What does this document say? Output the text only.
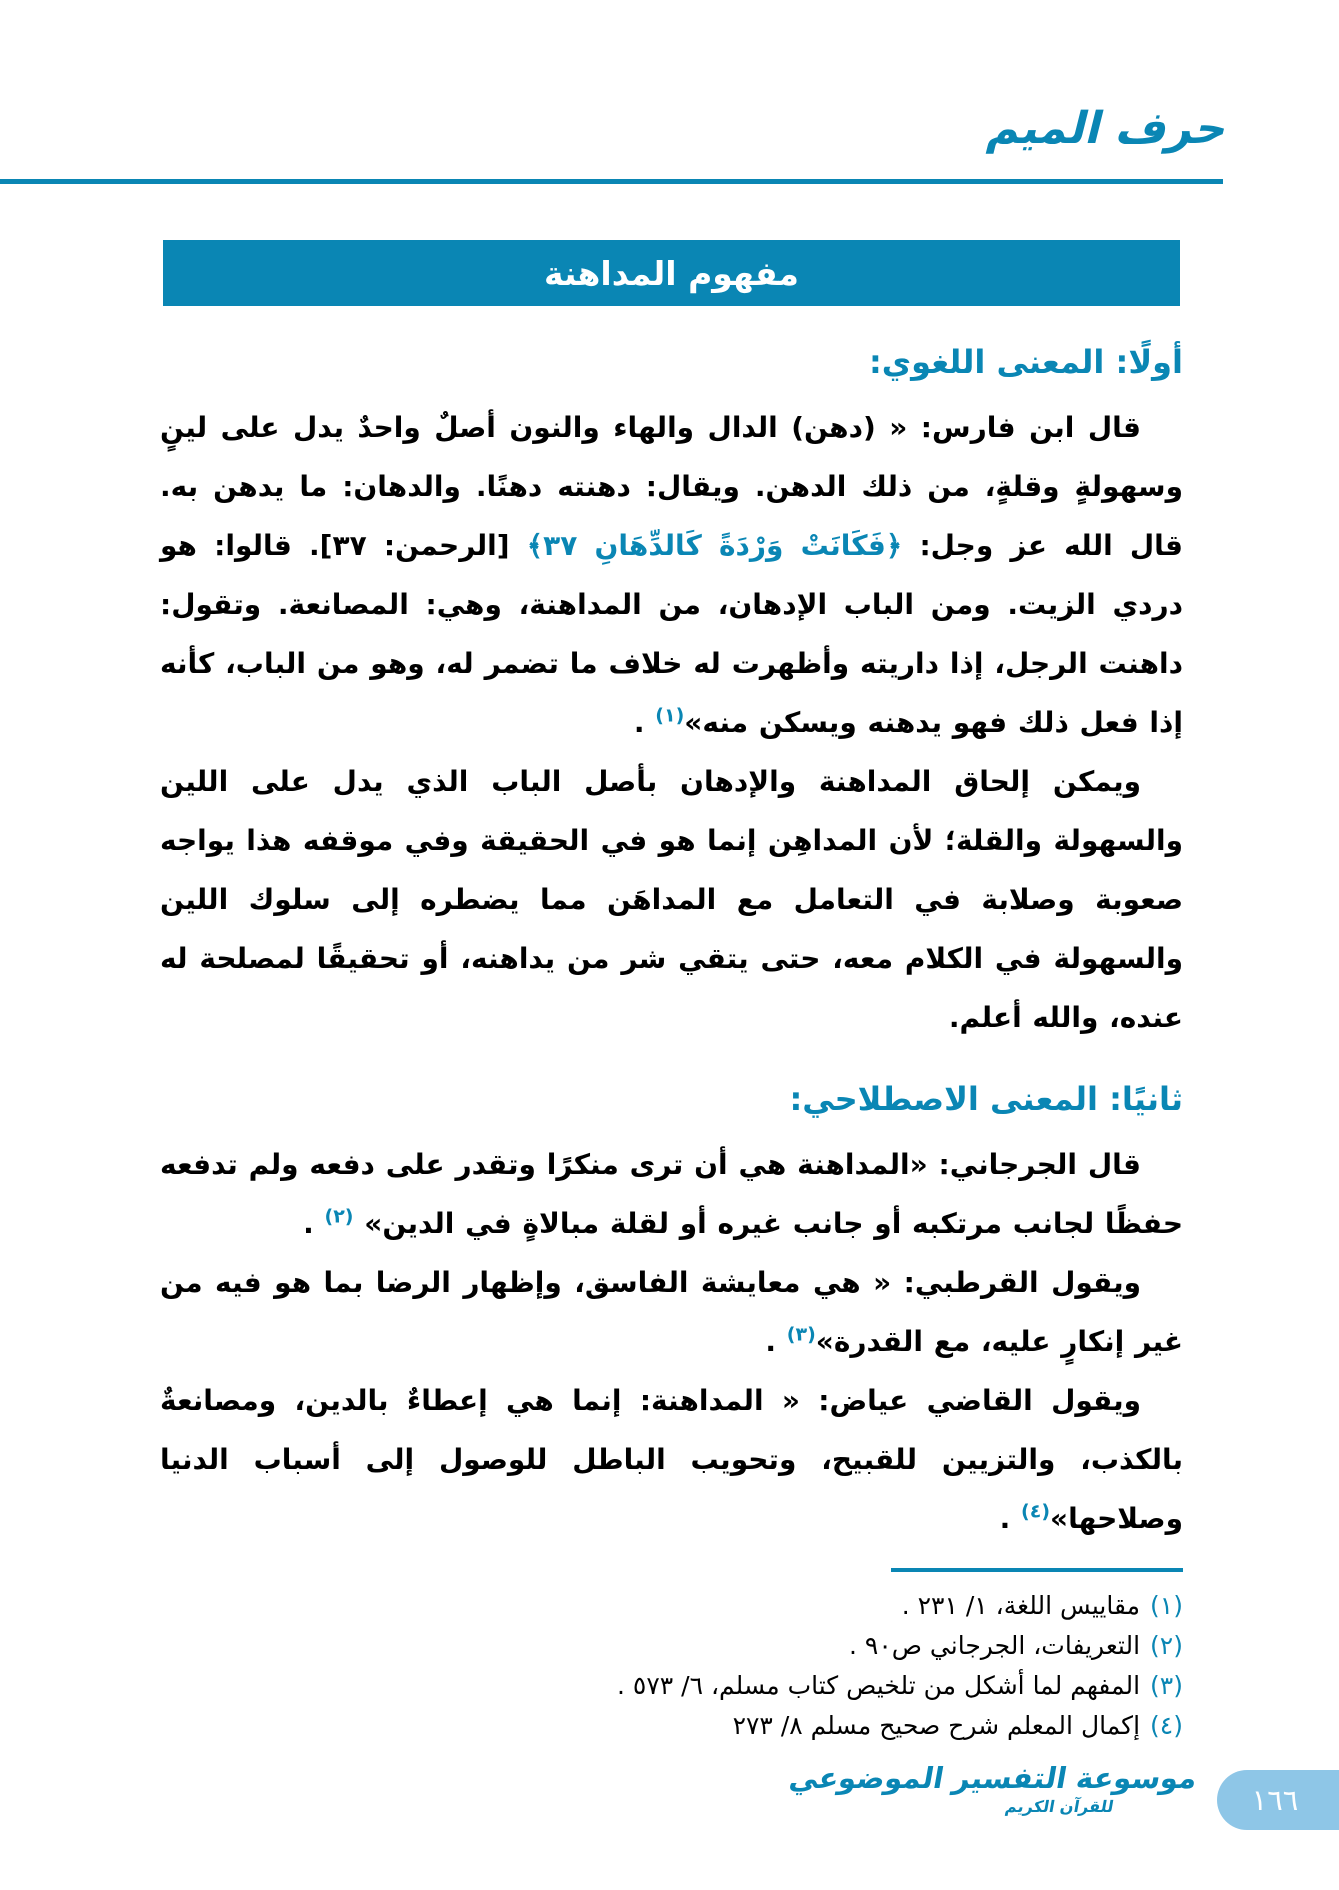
حرف الميم
مفهوم المداهنة
أولًا: المعنى اللغوي:

قال ابن فارس: « (دهن) الدال والهاء والنون أصلٌ واحدٌ يدل على لينٍ وسهولةٍ وقلةٍ، من ذلك الدهن. ويقال: دهنته دهنًا. والدهان: ما يدهن به. قال الله عز وجل: ﴿فَكَانَتْ وَرْدَةً كَالدِّهَانِ ٣٧﴾ [الرحمن: ٣٧]. قالوا: هو دردي الزيت. ومن الباب الإدهان، من المداهنة، وهي: المصانعة. وتقول: داهنت الرجل، إذا داريته وأظهرت له خلاف ما تضمر له، وهو من الباب، كأنه إذا فعل ذلك فهو يدهنه ويسكن منه»$^{(١)}$ .

ويمكن إلحاق المداهنة والإدهان بأصل الباب الذي يدل على اللين والسهولة والقلة؛ لأن المداهِن إنما هو في الحقيقة وفي موقفه هذا يواجه صعوبة وصلابة في التعامل مع المداهَن مما يضطره إلى سلوك اللين والسهولة في الكلام معه، حتى يتقي شر من يداهنه، أو تحقيقًا لمصلحة له عنده، والله أعلم.

ثانيًا: المعنى الاصطلاحي:

قال الجرجاني: «المداهنة هي أن ترى منكرًا وتقدر على دفعه ولم تدفعه حفظًا لجانب مرتكبه أو جانب غيره أو لقلة مبالاةٍ في الدين» $^{(٢)}$ .

ويقول القرطبي: « هي معايشة الفاسق، وإظهار الرضا بما هو فيه من غير إنكارٍ عليه، مع القدرة»$^{(٣)}$ .

ويقول القاضي عياض: « المداهنة: إنما هي إعطاءٌ بالدين، ومصانعةٌ بالكذب، والتزيين للقبيح، وتحويب الباطل للوصول إلى أسباب الدنيا وصلاحها»$^{(٤)}$ .

(١)مقاييس اللغة، ١/ ٢٣١ .
(٢)التعريفات، الجرجاني ص٩٠ .
(٣)المفهم لما أشكل من تلخيص كتاب مسلم، ٦/ ٥٧٣ .
(٤)إكمال المعلم شرح صحيح مسلم ٨/ ٢٧٣
موسوعة التفسير الموضوعي
للقرآن الكريم	١٦٦
